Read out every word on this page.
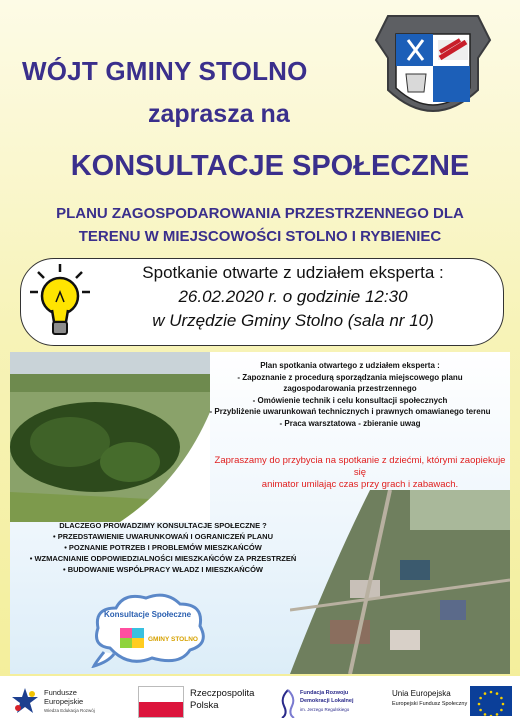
WÓJT GMINY STOLNO
zaprasza na
KONSULTACJE SPOŁECZNE
PLANU ZAGOSPODAROWANIA PRZESTRZENNEGO DLA
TERENU W MIEJSCOWOŚCI STOLNO I RYBIENIEC
Spotkanie otwarte z udziałem eksperta :
26.02.2020 r. o godzinie 12:30
w Urzędzie Gminy Stolno (sala nr 10)
Plan spotkania otwartego z udziałem eksperta :
- Zapoznanie z procedurą sporządzania miejscowego planu
zagospodarowania przestrzennego
- Omówienie technik i celu konsultacji społecznych
- Przybliżenie uwarunkowań technicznych i prawnych omawianego terenu
- Praca warsztatowa - zbieranie uwag
Zapraszamy do przybycia na spotkanie z dziećmi, którymi zaopiekuje się
animator umilając czas przy grach i zabawach.
DLACZEGO PROWADZIMY KONSULTACJE SPOŁECZNE ?
• PRZEDSTAWIENIE UWARUNKOWAŃ I OGRANICZEŃ PLANU
• POZNANIE POTRZEB I PROBLEMÓW MIESZKAŃCÓW
• WZMACNIANIE ODPOWIEDZIALNOŚCI MIESZKAŃCÓW ZA PRZESTRZEŃ
• BUDOWANIE WSPÓŁPRACY WŁADZ I MIESZKAŃCÓW
Konsultacje Społeczne
GMINY STOLNO
Fundusze
Europejskie
Wiedza Edukacja Rozwój
Rzeczpospolita
Polska
Fundacja Rozwoju
Demokracji Lokalnej
im. Jerzego Regulskiego
Unia Europejska
Europejski Fundusz Społeczny
